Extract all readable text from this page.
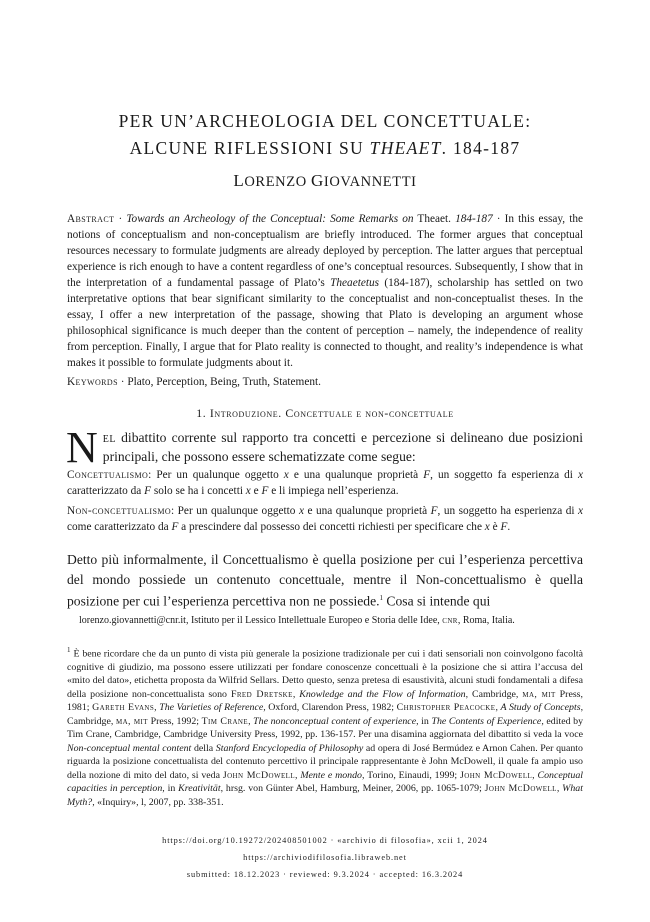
PER UN’ARCHEOLOGIA DEL CONCETTUALE:
ALCUNE RIFLESSIONI SU THEAET. 184-187
LORENZO GIOVANNETTI
Abstract · Towards an Archeology of the Conceptual: Some Remarks on Theaet. 184-187 · In this essay, the notions of conceptualism and non-conceptualism are briefly introduced. The former argues that conceptual resources necessary to formulate judgments are already deployed by perception. The latter argues that perceptual experience is rich enough to have a content regardless of one’s conceptual resources. Subsequently, I show that in the interpretation of a fundamental passage of Plato’s Theaetetus (184-187), scholarship has settled on two interpretative options that bear significant similarity to the conceptualist and non-conceptualist theses. In the essay, I offer a new interpretation of the passage, showing that Plato is developing an argument whose philosophical significance is much deeper than the content of perception – namely, the independence of reality from perception. Finally, I argue that for Plato reality is connected to thought, and reality’s independence is what makes it possible to formulate judgments about it.
Keywords · Plato, Perception, Being, Truth, Statement.
1. Introduzione. Concettuale e non-concettuale
Nel dibattito corrente sul rapporto tra concetti e percezione si delineano due posizioni principali, che possono essere schematizzate come segue:

Concettualismo: Per un qualunque oggetto x e una qualunque proprietà F, un soggetto fa esperienza di x caratterizzato da F solo se ha i concetti x e F e li impiega nell’esperienza.

Non-concettualismo: Per un qualunque oggetto x e una qualunque proprietà F, un soggetto ha esperienza di x come caratterizzato da F a prescindere dal possesso dei concetti richiesti per specificare che x è F.

Detto più informalmente, il Concettualismo è quella posizione per cui l’esperienza percettiva del mondo possiede un contenuto concettuale, mentre il Non-concettualismo è quella posizione per cui l’esperienza percettiva non ne possiede.$^1$ Cosa si intende qui
lorenzo.giovannetti@cnr.it, Istituto per il Lessico Intellettuale Europeo e Storia delle Idee, cnr, Roma, Italia.
$^1$ È bene ricordare che da un punto di vista più generale la posizione tradizionale per cui i dati sensoriali non coinvolgono facoltà cognitive di giudizio, ma possono essere utilizzati per fondare conoscenze concettuali è la posizione che si attira l’accusa del «mito del dato», etichetta proposta da Wilfrid Sellars. Detto questo, senza pretesa di esaustività, alcuni studi fondamentali a difesa della posizione non-concettualista sono Fred Dretske, Knowledge and the Flow of Information, Cambridge, ma, mit Press, 1981; Gareth Evans, The Varieties of Reference, Oxford, Clarendon Press, 1982; Christopher Peacocke, A Study of Concepts, Cambridge, ma, mit Press, 1992; Tim Crane, The nonconceptual content of experience, in The Contents of Experience, edited by Tim Crane, Cambridge, Cambridge University Press, 1992, pp. 136-157. Per una disamina aggiornata del dibattito si veda la voce Non-conceptual mental content della Stanford Encyclopedia of Philosophy ad opera di José Bermúdez e Arnon Cahen. Per quanto riguarda la posizione concettualista del contenuto percettivo il principale rappresentante è John McDowell, il quale fa ampio uso della nozione di mito del dato, si veda John McDowell, Mente e mondo, Torino, Einaudi, 1999; John McDowell, Conceptual capacities in perception, in Kreativität, hrsg. von Günter Abel, Hamburg, Meiner, 2006, pp. 1065-1079; John McDowell, What Myth?, «Inquiry», l, 2007, pp. 338-351.
https://doi.org/10.19272/202408501002 · «archivio di filosofia», xcii 1, 2024
https://archiviodifilosofia.libraweb.net
submitted: 18.12.2023 · reviewed: 9.3.2024 · accepted: 16.3.2024
